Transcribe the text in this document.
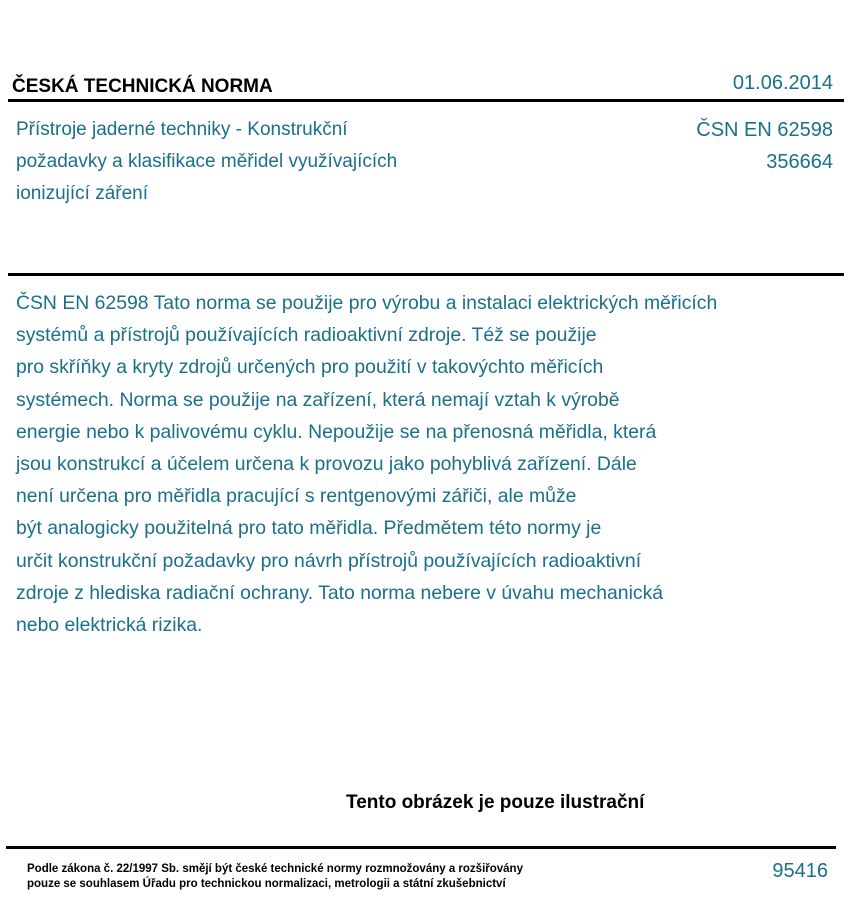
ČESKÁ TECHNICKÁ NORMA	01.06.2014
Přístroje jaderné techniky - Konstrukční
požadavky a klasifikace měřidel využívajících
ionizující záření
ČSN EN 62598
356664
ČSN EN 62598 Tato norma se použije pro výrobu a instalaci elektrických měřicích
systémů a přístrojů používajících radioaktivní zdroje. Též se použije
pro skříňky a kryty zdrojů určených pro použití v takovýchto měřicích
systémech. Norma se použije na zařízení, která nemají vztah k výrobě
energie nebo k palivovému cyklu. Nepoužije se na přenosná měřidla, která
jsou konstrukcí a účelem určena k provozu jako pohyblivá zařízení. Dále
není určena pro měřidla pracující s rentgenovými zářiči, ale může
být analogicky použitelná pro tato měřidla. Předmětem této normy je
určit konstrukční požadavky pro návrh přístrojů používajících radioaktivní
zdroje z hlediska radiační ochrany. Tato norma nebere v úvahu mechanická
nebo elektrická rizika.
Tento obrázek je pouze ilustrační
Podle zákona č. 22/1997 Sb. smějí být české technické normy rozmnožovány a rozšiřovány
pouze se souhlasem Úřadu pro technickou normalizaci, metrologii a státní zkušebnictví
95416
